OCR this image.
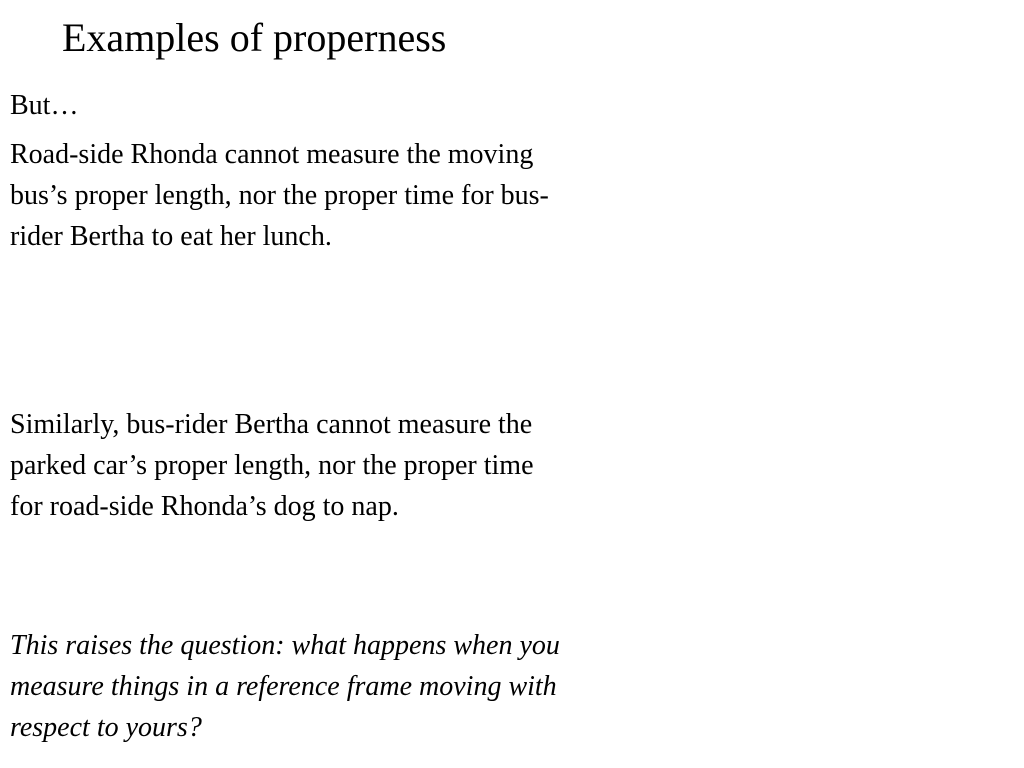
Examples of properness

But…

Road-side Rhonda cannot measure the moving bus’s proper length, nor the proper time for bus-rider Bertha to eat her lunch.

Similarly, bus-rider Bertha cannot measure the parked car’s proper length, nor the proper time for road-side Rhonda’s dog to nap.

This raises the question: what happens when you measure things in a reference frame moving with respect to yours?
